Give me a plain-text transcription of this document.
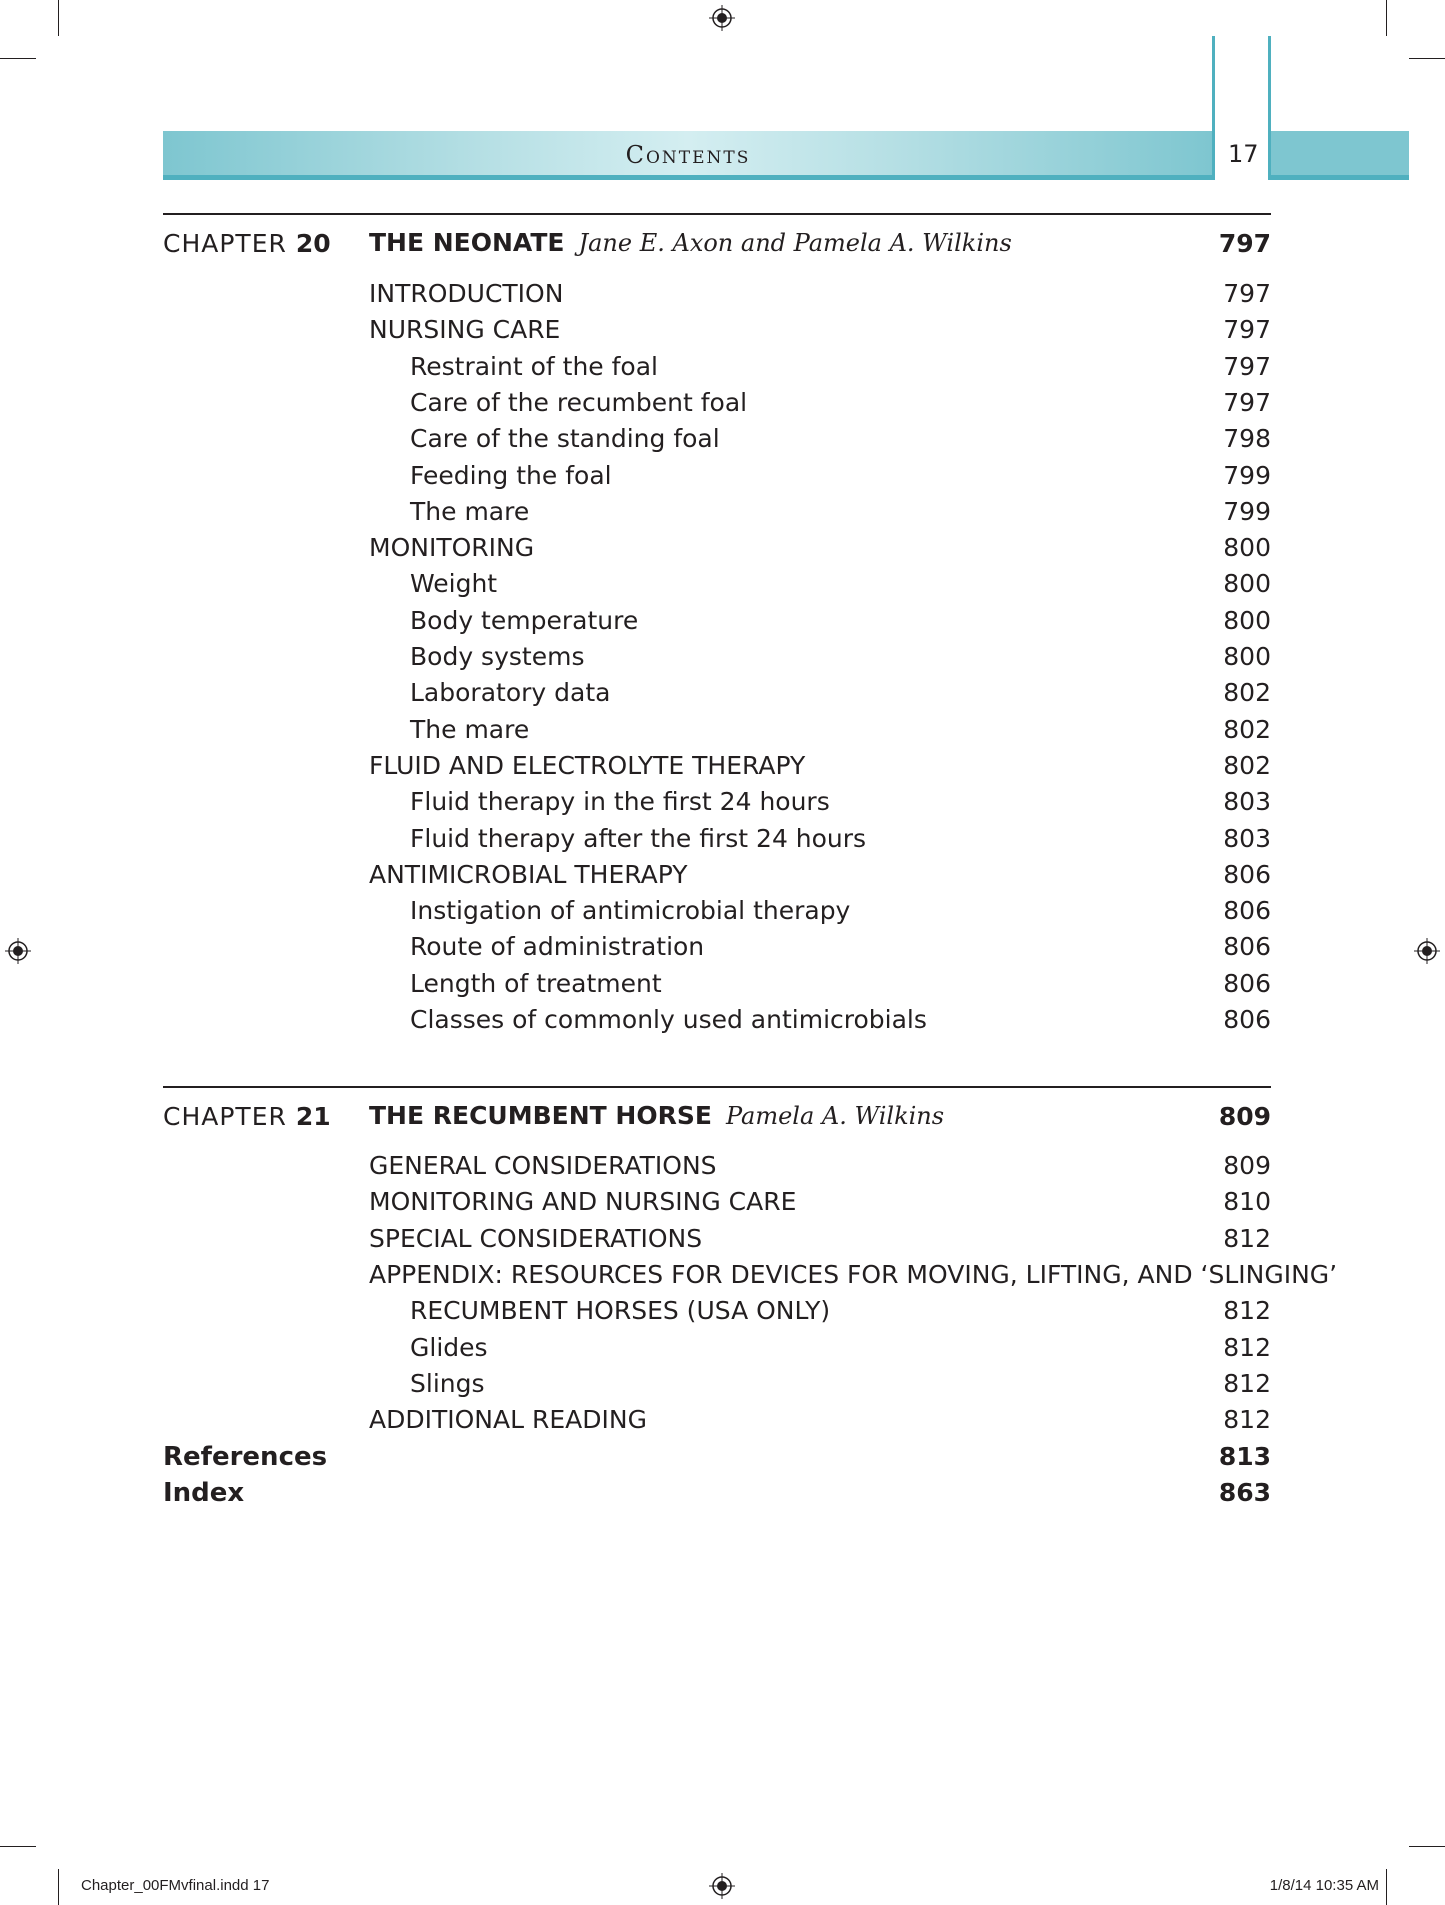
Contents	17
CHAPTER 20 THE NEONATE Jane E. Axon and Pamela A. Wilkins	797
INTRODUCTION	797
NURSING CARE	797
Restraint of the foal	797
Care of the recumbent foal	797
Care of the standing foal	798
Feeding the foal	799
The mare	799
MONITORING	800
Weight	800
Body temperature	800
Body systems	800
Laboratory data	802
The mare	802
FLUID AND ELECTROLYTE THERAPY	802
Fluid therapy in the first 24 hours	803
Fluid therapy after the first 24 hours	803
ANTIMICROBIAL THERAPY	806
Instigation of antimicrobial therapy	806
Route of administration	806
Length of treatment	806
Classes of commonly used antimicrobials	806
CHAPTER 21 THE RECUMBENT HORSE Pamela A. Wilkins	809
GENERAL CONSIDERATIONS	809
MONITORING AND NURSING CARE	810
SPECIAL CONSIDERATIONS	812
APPENDIX: RESOURCES FOR DEVICES FOR MOVING, LIFTING, AND ‘SLINGING’
RECUMBENT HORSES (USA ONLY)	812
Glides	812
Slings	812
ADDITIONAL READING	812
References	813
Index	863
Chapter_00FMvfinal.indd 17	1/8/14 10:35 AM
